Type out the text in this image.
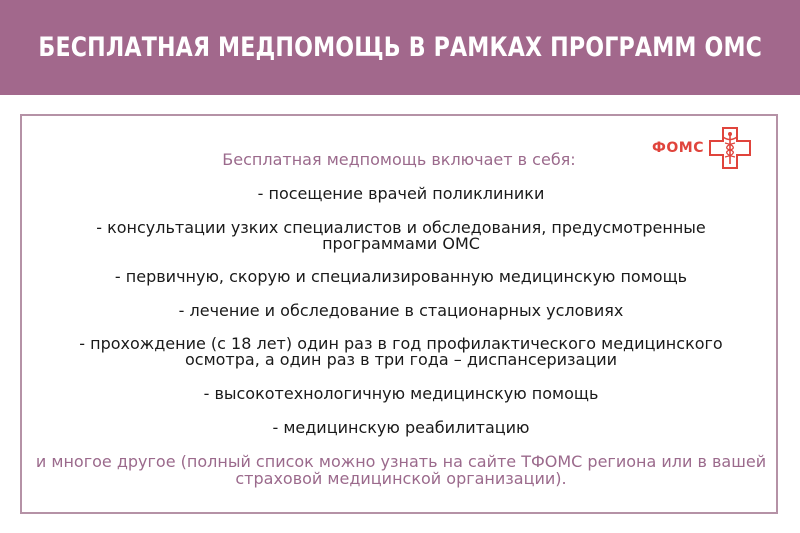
БЕСПЛАТНАЯ МЕДПОМОЩЬ В РАМКАХ ПРОГРАММ ОМС
ФОМС
Бесплатная медпомощь включает в себя:
- посещение врачей поликлиники
- консультации узких специалистов и обследования, предусмотренные программами ОМС
- первичную, скорую и специализированную медицинскую помощь
- лечение и обследование в стационарных условиях
- прохождение (с 18 лет) один раз в год профилактического медицинского осмотра, а один раз в три года – диспансеризации
- высокотехнологичную медицинскую помощь
- медицинскую реабилитацию
и многое другое (полный список можно узнать на сайте ТФОМС региона или в вашей страховой медицинской организации).
